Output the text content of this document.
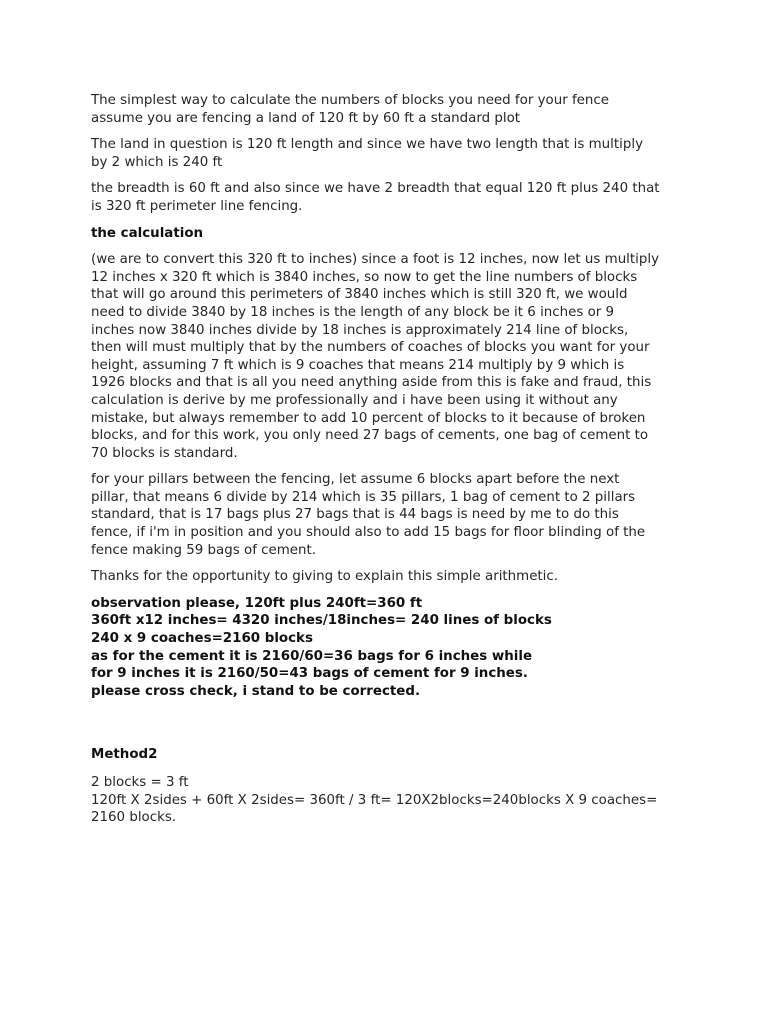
The simplest way to calculate the numbers of blocks you need for your fence
assume you are fencing a land of 120 ft by 60 ft a standard plot

The land in question is 120 ft length and since we have two length that is multiply
by 2 which is 240 ft

the breadth is 60 ft and also since we have 2 breadth that equal 120 ft plus 240 that
is 320 ft perimeter line fencing.

the calculation

(we are to convert this 320 ft to inches) since a foot is 12 inches, now let us multiply
12 inches x 320 ft which is 3840 inches, so now to get the line numbers of blocks
that will go around this perimeters of 3840 inches which is still 320 ft, we would
need to divide 3840 by 18 inches is the length of any block be it 6 inches or 9
inches now 3840 inches divide by 18 inches is approximately 214 line of blocks,
then will must multiply that by the numbers of coaches of blocks you want for your
height, assuming 7 ft which is 9 coaches that means 214 multiply by 9 which is
1926 blocks and that is all you need anything aside from this is fake and fraud, this
calculation is derive by me professionally and i have been using it without any
mistake, but always remember to add 10 percent of blocks to it because of broken
blocks, and for this work, you only need 27 bags of cements, one bag of cement to
70 blocks is standard.

for your pillars between the fencing, let assume 6 blocks apart before the next
pillar, that means 6 divide by 214 which is 35 pillars, 1 bag of cement to 2 pillars
standard, that is 17 bags plus 27 bags that is 44 bags is need by me to do this
fence, if i'm in position and you should also to add 15 bags for floor blinding of the
fence making 59 bags of cement.

Thanks for the opportunity to giving to explain this simple arithmetic.

observation please, 120ft plus 240ft=360 ft
360ft x12 inches= 4320 inches/18inches= 240 lines of blocks
240 x 9 coaches=2160 blocks
as for the cement it is 2160/60=36 bags for 6 inches while
for 9 inches it is 2160/50=43 bags of cement for 9 inches.
please cross check, i stand to be corrected.

Method2

2 blocks = 3 ft
120ft X 2sides + 60ft X 2sides= 360ft / 3 ft= 120X2blocks=240blocks X 9 coaches=
2160 blocks.
